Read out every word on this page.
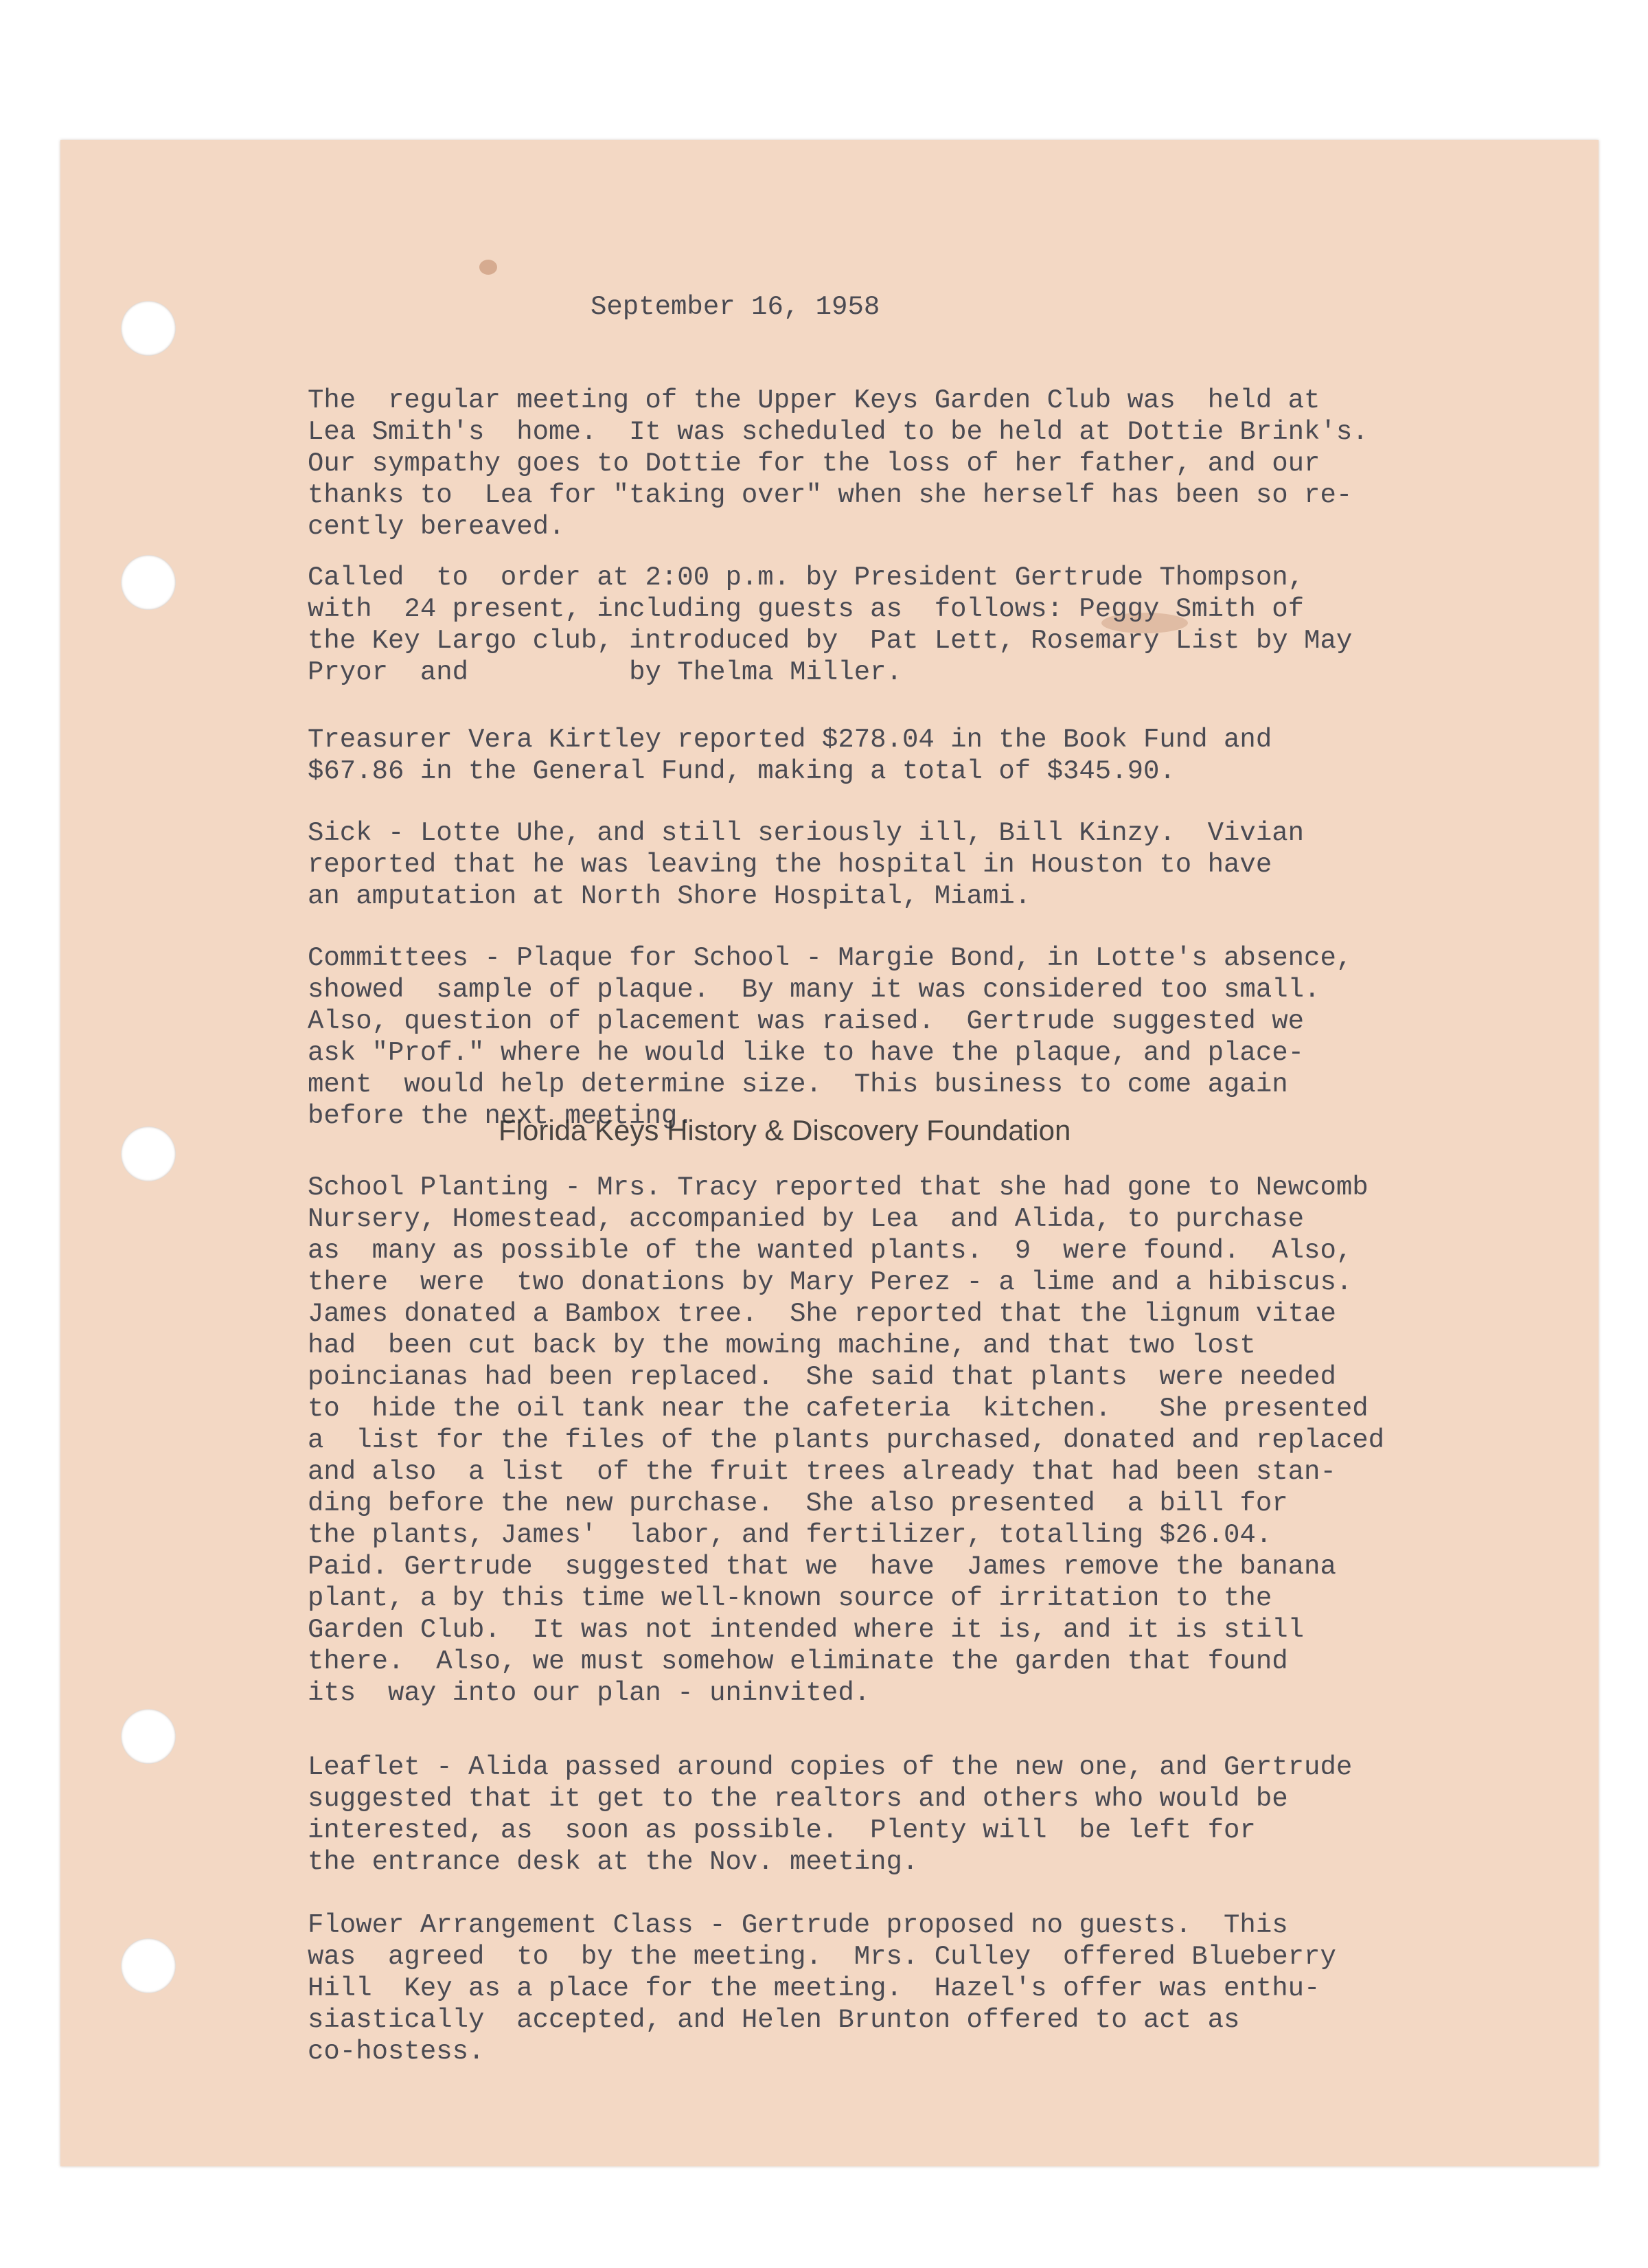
September 16, 1958

The  regular meeting of the Upper Keys Garden Club was  held at
Lea Smith's  home.  It was scheduled to be held at Dottie Brink's.
Our sympathy goes to Dottie for the loss of her father, and our
thanks to  Lea for "taking over" when she herself has been so re-
cently bereaved.

Called  to  order at 2:00 p.m. by President Gertrude Thompson,
with  24 present, including guests as  follows: Peggy Smith of
the Key Largo club, introduced by  Pat Lett, Rosemary List by May
Pryor  and          by Thelma Miller.

Treasurer Vera Kirtley reported $278.04 in the Book Fund and
$67.86 in the General Fund, making a total of $345.90.

Sick - Lotte Uhe, and still seriously ill, Bill Kinzy.  Vivian
reported that he was leaving the hospital in Houston to have
an amputation at North Shore Hospital, Miami.

Committees - Plaque for School - Margie Bond, in Lotte's absence,
showed  sample of plaque.  By many it was considered too small.
Also, question of placement was raised.  Gertrude suggested we
ask "Prof." where he would like to have the plaque, and place-
ment  would help determine size.  This business to come again
before the next meeting.

School Planting - Mrs. Tracy reported that she had gone to Newcomb
Nursery, Homestead, accompanied by Lea  and Alida, to purchase
as  many as possible of the wanted plants.  9  were found.  Also,
there  were  two donations by Mary Perez - a lime and a hibiscus.
James donated a Bambox tree.  She reported that the lignum vitae
had  been cut back by the mowing machine, and that two lost
poincianas had been replaced.  She said that plants  were needed
to  hide the oil tank near the cafeteria  kitchen.   She presented
a  list for the files of the plants purchased, donated and replaced
and also  a list  of the fruit trees already that had been stan-
ding before the new purchase.  She also presented  a bill for
the plants, James'  labor, and fertilizer, totalling $26.04.
Paid. Gertrude  suggested that we  have  James remove the banana
plant, a by this time well-known source of irritation to the
Garden Club.  It was not intended where it is, and it is still
there.  Also, we must somehow eliminate the garden that found
its  way into our plan - uninvited.

Leaflet - Alida passed around copies of the new one, and Gertrude
suggested that it get to the realtors and others who would be
interested, as  soon as possible.  Plenty will  be left for
the entrance desk at the Nov. meeting.

Flower Arrangement Class - Gertrude proposed no guests.  This
was  agreed  to  by the meeting.  Mrs. Culley  offered Blueberry
Hill  Key as a place for the meeting.  Hazel's offer was enthu-
siastically  accepted, and Helen Brunton offered to act as
co-hostess.

Florida Keys History & Discovery Foundation
